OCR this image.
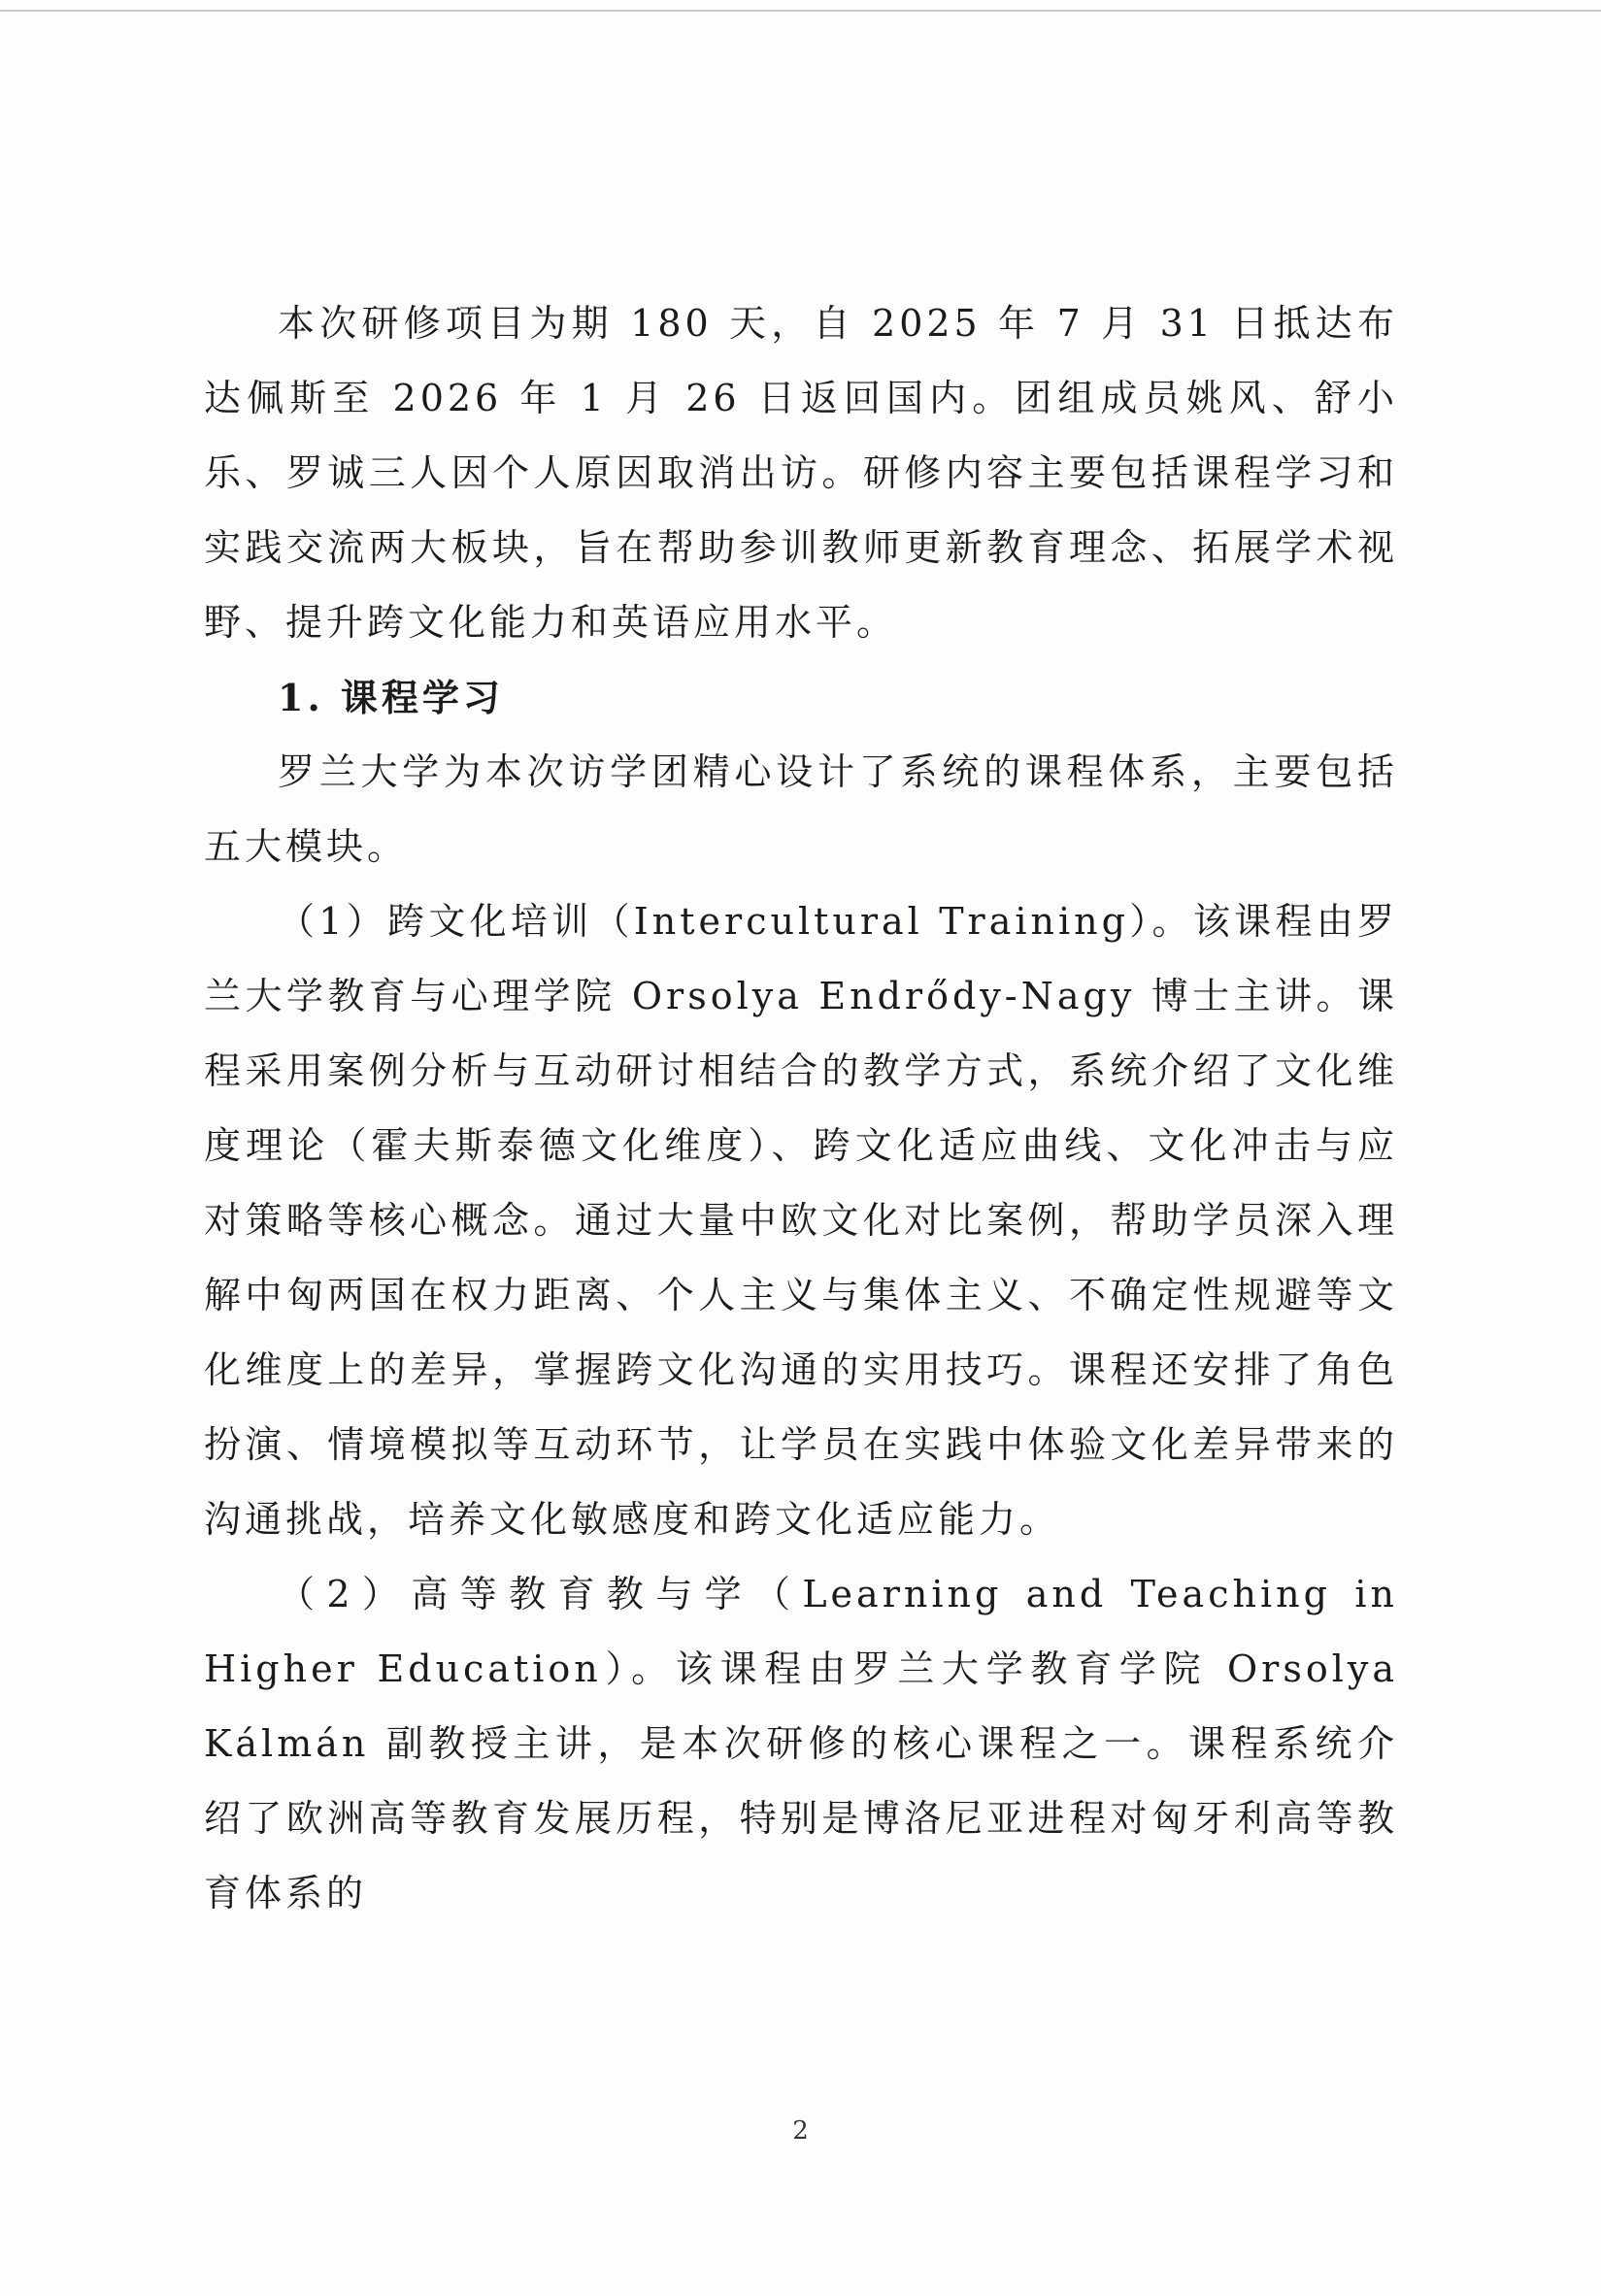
本次研修项目为期 180 天，自 2025 年 7 月 31 日抵达布达佩斯至 2026 年 1 月 26 日返回国内。团组成员姚风、舒小乐、罗诚三人因个人原因取消出访。研修内容主要包括课程学习和实践交流两大板块，旨在帮助参训教师更新教育理念、拓展学术视野、提升跨文化能力和英语应用水平。

1. 课程学习

罗兰大学为本次访学团精心设计了系统的课程体系，主要包括五大模块。

（1）跨文化培训（Intercultural Training）。该课程由罗兰大学教育与心理学院 Orsolya Endrődy-Nagy 博士主讲。课程采用案例分析与互动研讨相结合的教学方式，系统介绍了文化维度理论（霍夫斯泰德文化维度）、跨文化适应曲线、文化冲击与应对策略等核心概念。通过大量中欧文化对比案例，帮助学员深入理解中匈两国在权力距离、个人主义与集体主义、不确定性规避等文化维度上的差异，掌握跨文化沟通的实用技巧。课程还安排了角色扮演、情境模拟等互动环节，让学员在实践中体验文化差异带来的沟通挑战，培养文化敏感度和跨文化适应能力。

（2）高等教育教与学（Learning and Teaching in Higher Education）。该课程由罗兰大学教育学院 Orsolya Kálmán 副教授主讲，是本次研修的核心课程之一。课程系统介绍了欧洲高等教育发展历程，特别是博洛尼亚进程对匈牙利高等教育体系的

2
